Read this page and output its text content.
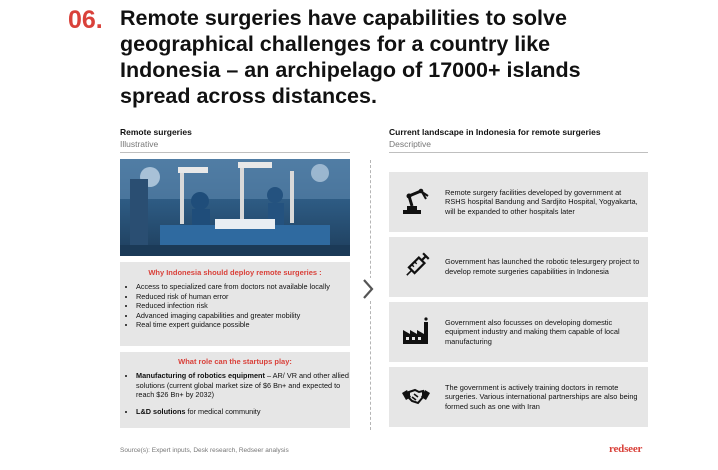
06. Remote surgeries have capabilities to solve geographical challenges for a country like Indonesia – an archipelago of 17000+ islands spread across distances.
Remote surgeries
Illustrative
Why Indonesia should deploy remote surgeries :
• Access to specialized care from doctors not available locally
• Reduced risk of human error
• Reduced infection risk
• Advanced imaging capabilities and greater mobility
• Real time expert guidance possible
What role can the startups play:
• Manufacturing of robotics equipment – AR/ VR and other allied solutions (current global market size of $6 Bn+ and expected to reach $26 Bn+ by 2032)
• L&D solutions for medical community
Current landscape in Indonesia for remote surgeries
Descriptive
Remote surgery facilities developed by government at RSHS hospital Bandung and Sardjito Hospital, Yogyakarta, will be expanded to other hospitals later
Government has launched the robotic telesurgery project to develop remote surgeries capabilities in Indonesia
Government also focusses on developing domestic equipment industry and making them capable of local manufacturing
The government is actively training doctors in remote surgeries. Various international partnerships are also being formed such as one with Iran
Source(s): Expert inputs, Desk research, Redseer analysis	redseer
